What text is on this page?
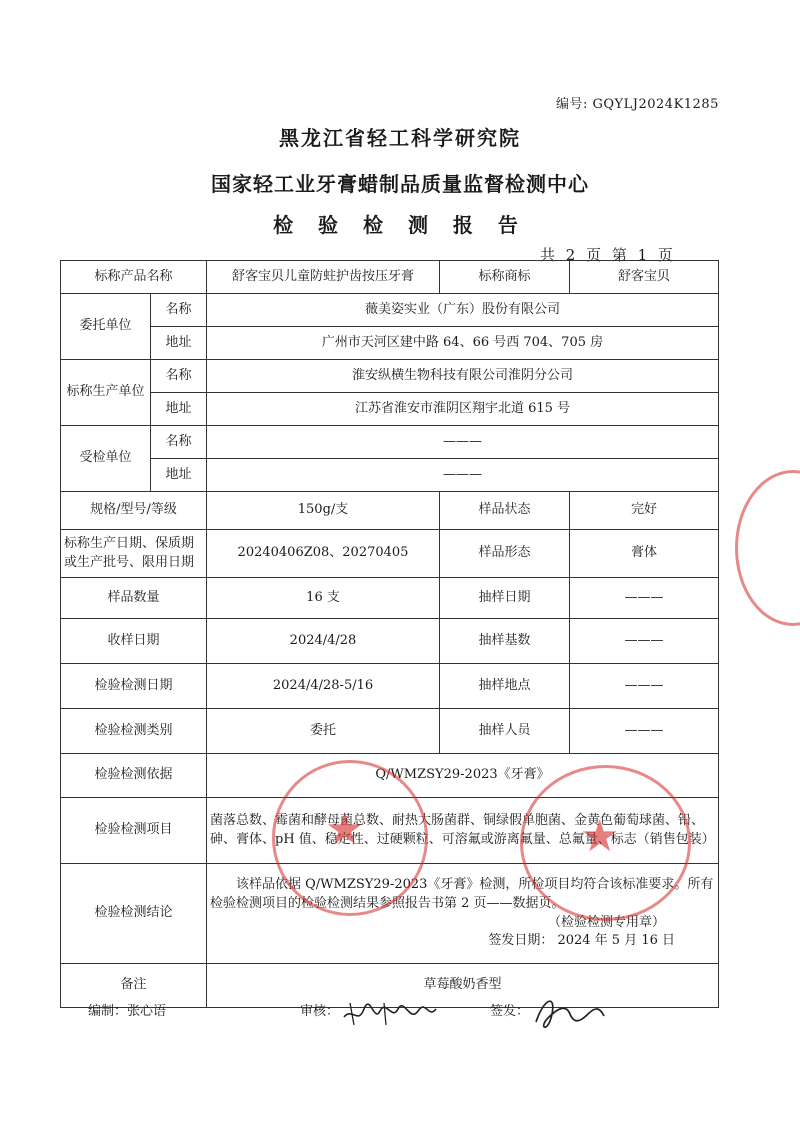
编号: GQYLJ2024K1285
黑龙江省轻工科学研究院
国家轻工业牙膏蜡制品质量监督检测中心
检 验 检 测 报 告
共 2 页 第 1 页
标称产品名称		舒客宝贝儿童防蛀护齿按压牙膏	标称商标	舒客宝贝
委托单位	名称	薇美姿实业（广东）股份有限公司		
	地址	广州市天河区建中路 64、66 号西 704、705 房		
标称生产单位	名称	淮安纵横生物科技有限公司淮阴分公司		
	地址	江苏省淮安市淮阴区翔宇北道 615 号		
受检单位	名称	———		
	地址	———		
规格/型号/等级		150g/支	样品状态	完好
标称生产日期、保质期或生产批号、限用日期		20240406Z08、20270405	样品形态	膏体
样品数量		16 支	抽样日期	———
收样日期		2024/4/28	抽样基数	———
检验检测日期		2024/4/28-5/16	抽样地点	———
检验检测类别		委托	抽样人员	———
检验检测依据		Q/WMZSY29-2023《牙膏》		
检验检测项目		菌落总数、霉菌和酵母菌总数、耐热大肠菌群、铜绿假单胞菌、金黄色葡萄球菌、铅、砷、膏体、pH 值、稳定性、过硬颗粒、可溶氟或游离氟量、总氟量、标志（销售包装）		
检验检测结论		该样品依据 Q/WMZSY29-2023《牙膏》检测，所检项目均符合该标准要求。所有检验检测项目的检验检测结果参照报告书第 2 页——数据页。
（检验检测专用章）
签发日期： 2024 年 5 月 16 日		

备注		草莓酸奶香型		
编制：张心语	审核：	签发：
★	★
